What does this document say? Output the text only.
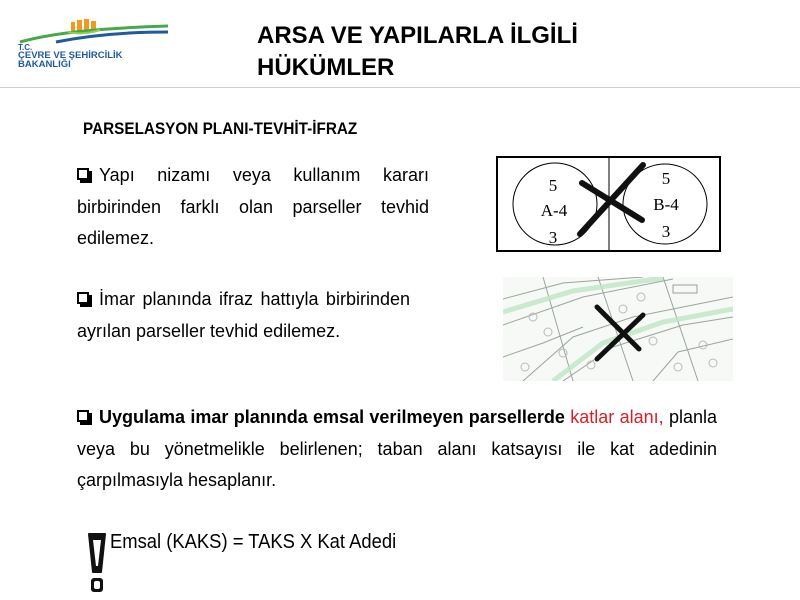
T.C.

ÇEVRE VE ŞEHİRCİLİK

BAKANLIĞI

ARSA VE YAPILARLA İLGİLİ HÜKÜMLER
PARSELASYON PLANI-TEVHİT-İFRAZ

Yapı nizamı veya kullanım kararı birbirinden farklı olan parseller tevhid edilemez.

5
A-4
3
5
B-4
3

İmar planında ifraz hattıyla birbirinden ayrılan parseller tevhid edilemez.

Uygulama imar planında emsal verilmeyen parsellerde katlar alanı, planla veya bu yönetmelikle belirlenen; taban alanı katsayısı ile kat adedinin çarpılmasıyla hesaplanır.

Emsal (KAKS) = TAKS X Kat Adedi
